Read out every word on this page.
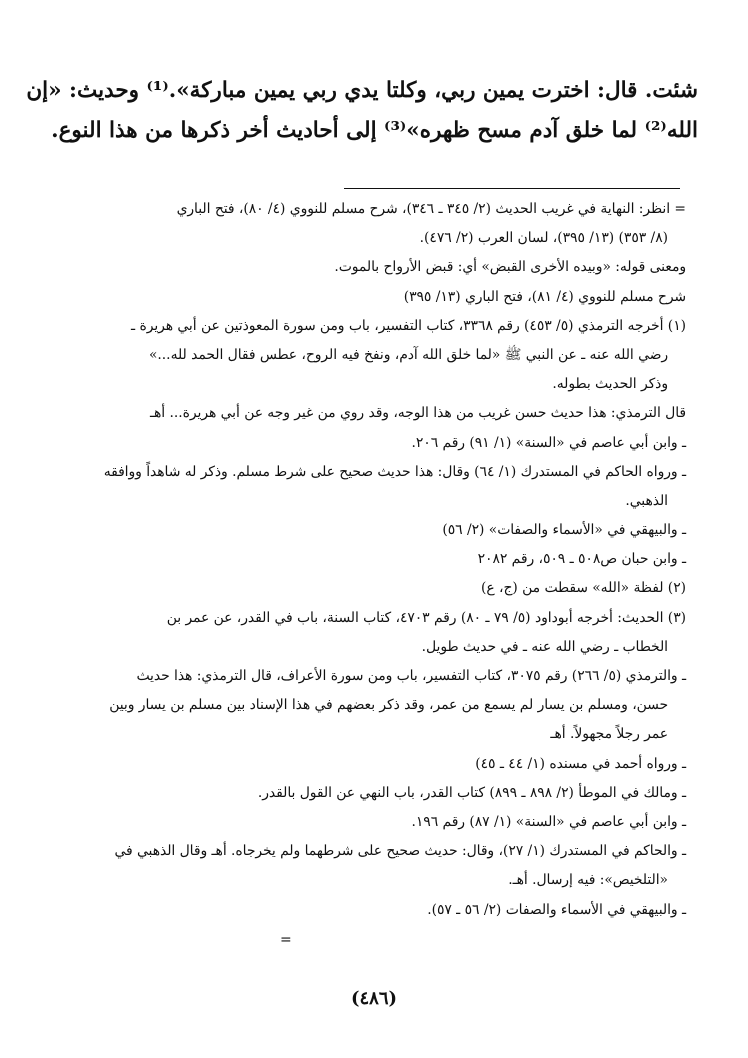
شئت. قال: اخترت يمين ربي، وكلتا يدي ربي يمين مباركة».⁽¹⁾ وحديث: «إن
الله⁽²⁾ لما خلق آدم مسح ظهره»⁽³⁾ إلى أحاديث أخر ذكرها من هذا النوع.
= انظر: النهاية في غريب الحديث (٢/ ٣٤٥ ـ ٣٤٦)، شرح مسلم للنووي (٤/ ٨٠)، فتح الباري
(٨/ ٣٥٣) (١٣/ ٣٩٥)، لسان العرب (٢/ ٤٧٦).
ومعنى قوله: «وبيده الأخرى القبض» أي: قبض الأرواح بالموت.
شرح مسلم للنووي (٤/ ٨١)، فتح الباري (١٣/ ٣٩٥)
(١) أخرجه الترمذي (٥/ ٤٥٣) رقم ٣٣٦٨، كتاب التفسير، باب ومن سورة المعوذتين عن أبي هريرة ـ
رضي الله عنه ـ عن النبي ﷺ «لما خلق الله آدم، ونفخ فيه الروح، عطس فقال الحمد لله...»
وذكر الحديث بطوله.
قال الترمذي: هذا حديث حسن غريب من هذا الوجه، وقد روي من غير وجه عن أبي هريرة... أهـ
ـ وابن أبي عاصم في «السنة» (١/ ٩١) رقم ٢٠٦.
ـ ورواه الحاكم في المستدرك (١/ ٦٤) وقال: هذا حديث صحيح على شرط مسلم. وذكر له شاهداً ووافقه
الذهبي.
ـ والبيهقي في «الأسماء والصفات» (٢/ ٥٦)
ـ وابن حبان ص٥٠٨ ـ ٥٠٩، رقم ٢٠٨٢
(٢) لفظة «الله» سقطت من (ج، ع)
(٣) الحديث: أخرجه أبوداود (٥/ ٧٩ ـ ٨٠) رقم ٤٧٠٣، كتاب السنة، باب في القدر، عن عمر بن
الخطاب ـ رضي الله عنه ـ في حديث طويل.
ـ والترمذي (٥/ ٢٦٦) رقم ٣٠٧٥، كتاب التفسير، باب ومن سورة الأعراف، قال الترمذي: هذا حديث
حسن، ومسلم بن يسار لم يسمع من عمر، وقد ذكر بعضهم في هذا الإسناد بين مسلم بن يسار وبين
عمر رجلاً مجهولاً. أهـ
ـ ورواه أحمد في مسنده (١/ ٤٤ ـ ٤٥)
ـ ومالك في الموطأ (٢/ ٨٩٨ ـ ٨٩٩) كتاب القدر، باب النهي عن القول بالقدر.
ـ وابن أبي عاصم في «السنة» (١/ ٨٧) رقم ١٩٦.
ـ والحاكم في المستدرك (١/ ٢٧)، وقال: حديث صحيح على شرطهما ولم يخرجاه. أهـ وقال الذهبي في
«التلخيص»: فيه إرسال. أهـ.
ـ والبيهقي في الأسماء والصفات (٢/ ٥٦ ـ ٥٧).
=
(٤٨٦)
